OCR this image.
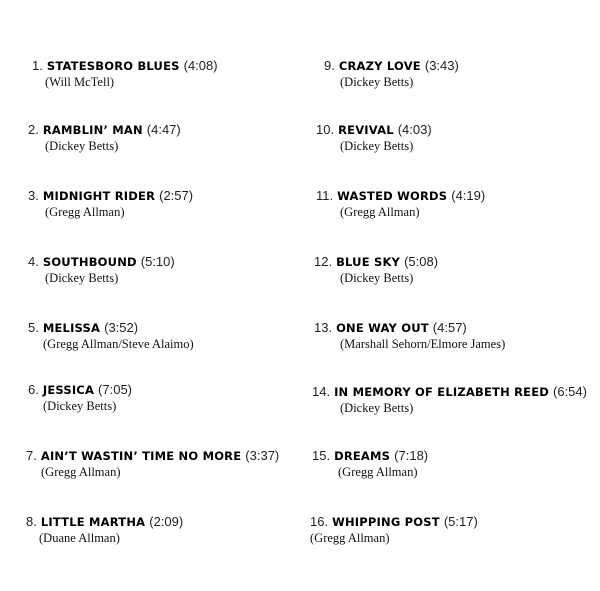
1. STATESBORO BLUES (4:08)
(Will McTell)
2. RAMBLIN’ MAN (4:47)
(Dickey Betts)
3. MIDNIGHT RIDER (2:57)
(Gregg Allman)
4. SOUTHBOUND (5:10)
(Dickey Betts)
5. MELISSA (3:52)
(Gregg Allman/Steve Alaimo)
6. JESSICA (7:05)
(Dickey Betts)
7. AIN’T WASTIN’ TIME NO MORE (3:37)
(Gregg Allman)
8. LITTLE MARTHA (2:09)
(Duane Allman)
9. CRAZY LOVE (3:43)
(Dickey Betts)
10. REVIVAL (4:03)
(Dickey Betts)
11. WASTED WORDS (4:19)
(Gregg Allman)
12. BLUE SKY (5:08)
(Dickey Betts)
13. ONE WAY OUT (4:57)
(Marshall Sehorn/Elmore James)
14. IN MEMORY OF ELIZABETH REED (6:54)
(Dickey Betts)
15. DREAMS (7:18)
(Gregg Allman)
16. WHIPPING POST (5:17)
(Gregg Allman)
